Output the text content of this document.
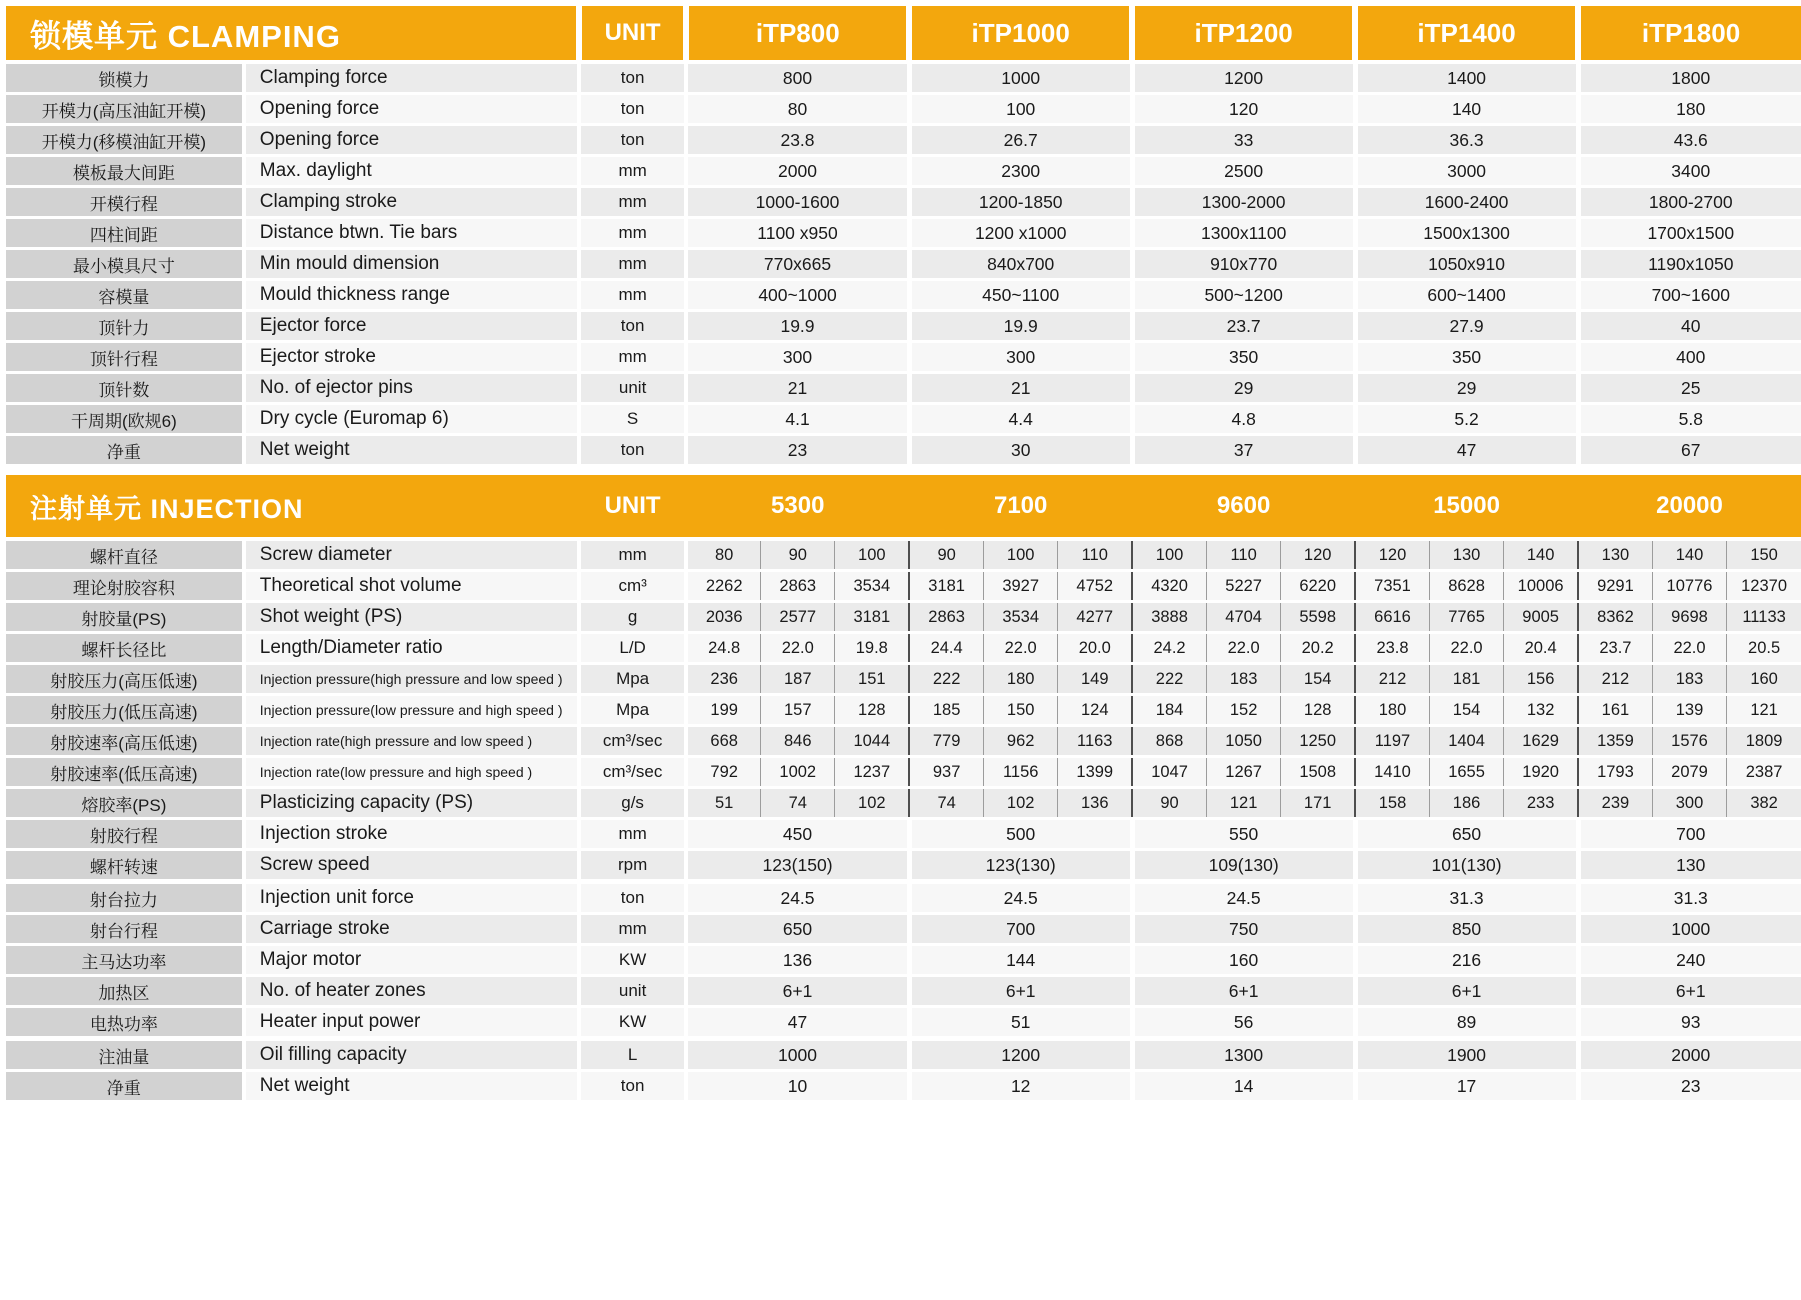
锁模单元 CLAMPING		UNIT	iTP800	iTP1000	iTP1200	iTP1400	iTP1800
锁模力	Clamping force	ton	800	1000	1200	1400	1800
开模力(高压油缸开模)	Opening force	ton	80	100	120	140	180
开模力(移模油缸开模)	Opening force	ton	23.8	26.7	33	36.3	43.6
模板最大间距	Max. daylight	mm	2000	2300	2500	3000	3400
开模行程	Clamping stroke	mm	1000-1600	1200-1850	1300-2000	1600-2400	1800-2700
四柱间距	Distance btwn. Tie bars	mm	1100 x950	1200 x1000	1300x1100	1500x1300	1700x1500
最小模具尺寸	Min mould dimension	mm	770x665	840x700	910x770	1050x910	1190x1050
容模量	Mould thickness range	mm	400~1000	450~1100	500~1200	600~1400	700~1600
顶针力	Ejector force	ton	19.9	19.9	23.7	27.9	40
顶针行程	Ejector stroke	mm	300	300	350	350	400
顶针数	No. of ejector pins	unit	21	21	29	29	25
干周期(欧规6)	Dry cycle (Euromap 6)	S	4.1	4.4	4.8	5.2	5.8
净重	Net weight	ton	23	30	37	47	67
注射单元 INJECTION		UNIT	5300			7100			9600			15000			20000		
螺杆直径	Screw diameter	mm	80	90	100	90	100	110	100	110	120	120	130	140	130	140	150
理论射胶容积	Theoretical shot volume	cm³	2262	2863	3534	3181	3927	4752	4320	5227	6220	7351	8628	10006	9291	10776	12370
射胶量(PS)	Shot weight (PS)	g	2036	2577	3181	2863	3534	4277	3888	4704	5598	6616	7765	9005	8362	9698	11133
螺杆长径比	Length/Diameter ratio	L/D	24.8	22.0	19.8	24.4	22.0	20.0	24.2	22.0	20.2	23.8	22.0	20.4	23.7	22.0	20.5
射胶压力(高压低速)	Injection pressure(high pressure and low speed )	Mpa	236	187	151	222	180	149	222	183	154	212	181	156	212	183	160
射胶压力(低压高速)	Injection pressure(low pressure and high speed )	Mpa	199	157	128	185	150	124	184	152	128	180	154	132	161	139	121
射胶速率(高压低速)	Injection rate(high pressure and low speed )	cm³/sec	668	846	1044	779	962	1163	868	1050	1250	1197	1404	1629	1359	1576	1809
射胶速率(低压高速)	Injection rate(low pressure and high speed )	cm³/sec	792	1002	1237	937	1156	1399	1047	1267	1508	1410	1655	1920	1793	2079	2387
熔胶率(PS)	Plasticizing capacity (PS)	g/s	51	74	102	74	102	136	90	121	171	158	186	233	239	300	382
射胶行程	Injection stroke	mm	450			500			550			650			700		
螺杆转速	Screw speed	rpm	123(150)			123(130)			109(130)			101(130)			130		
射台拉力	Injection unit force	ton	24.5			24.5			24.5			31.3			31.3		
射台行程	Carriage stroke	mm	650			700			750			850			1000		
主马达功率	Major motor	KW	136			144			160			216			240		
加热区	No. of heater zones	unit	6+1			6+1			6+1			6+1			6+1		
电热功率	Heater input power	KW	47			51			56			89			93		
注油量	Oil filling capacity	L	1000			1200			1300			1900			2000		
净重	Net weight	ton	10			12			14			17			23		
